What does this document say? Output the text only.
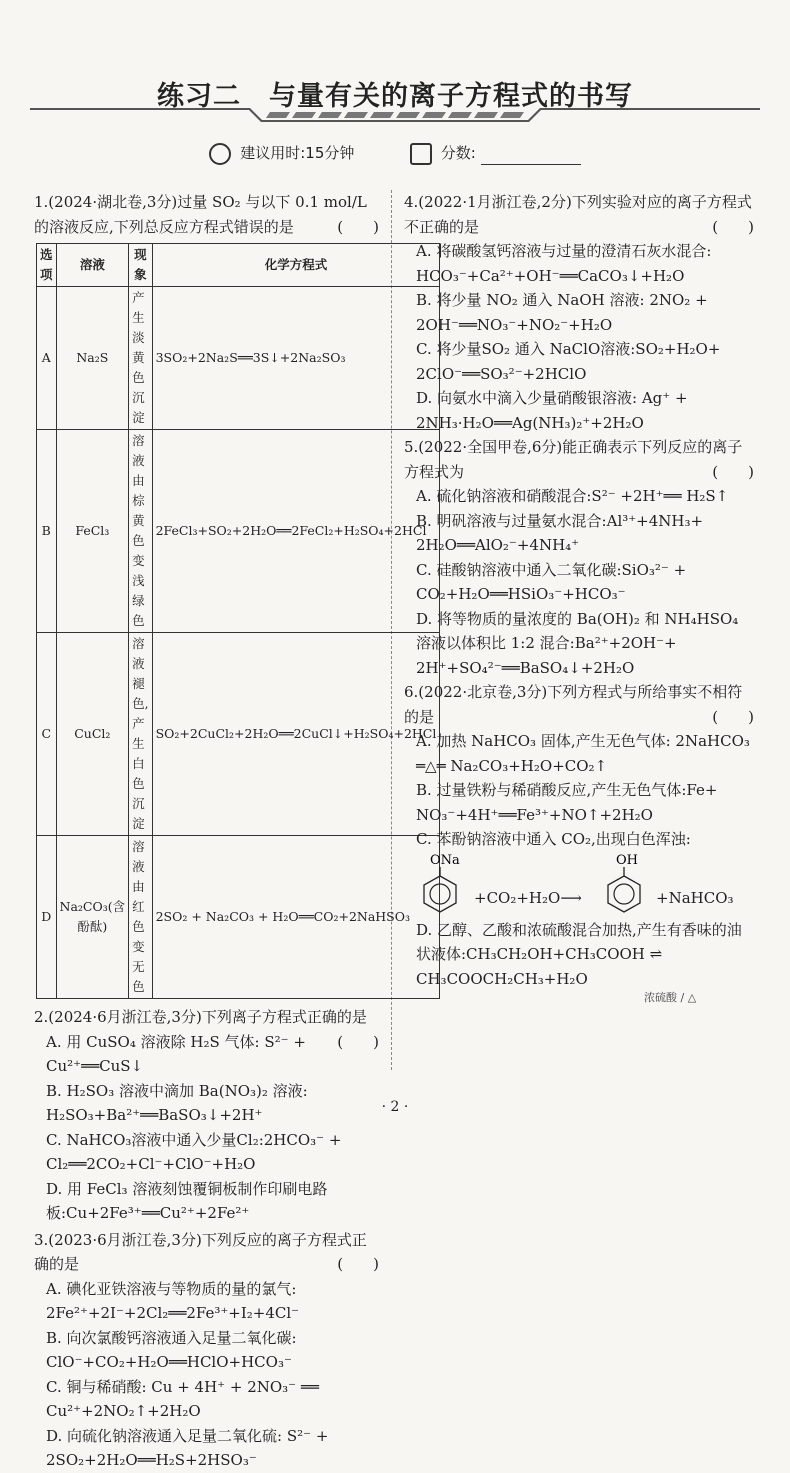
练习二　与量有关的离子方程式的书写
建议用时:15分钟	分数:
1.(2024·湖北卷,3分)过量 SO₂ 与以下 0.1 mol/L 的溶液反应,下列总反应方程式错误的是	(　　)
选项	溶液	现象	化学方程式
A	Na₂S	产生淡黄色沉淀	3SO₂+2Na₂S══3S↓+2Na₂SO₃
B	FeCl₃	溶液由棕黄色变浅绿色	2FeCl₃+SO₂+2H₂O══2FeCl₂+H₂SO₄+2HCl
C	CuCl₂	溶液褪色,产生白色沉淀	SO₂+2CuCl₂+2H₂O══2CuCl↓+H₂SO₄+2HCl
D	Na₂CO₃(含酚酞)	溶液由红色变无色	2SO₂ + Na₂CO₃ + H₂O══CO₂+2NaHSO₃
2.(2024·6月浙江卷,3分)下列离子方程式正确的是
(　　)
A. 用 CuSO₄ 溶液除 H₂S 气体: S²⁻ + Cu²⁺══CuS↓
B. H₂SO₃ 溶液中滴加 Ba(NO₃)₂ 溶液: H₂SO₃+Ba²⁺══BaSO₃↓+2H⁺
C. NaHCO₃溶液中通入少量Cl₂:2HCO₃⁻ + Cl₂══2CO₂+Cl⁻+ClO⁻+H₂O
D. 用 FeCl₃ 溶液刻蚀覆铜板制作印刷电路板:Cu+2Fe³⁺══Cu²⁺+2Fe²⁺
3.(2023·6月浙江卷,3分)下列反应的离子方程式正确的是	(　　)
A. 碘化亚铁溶液与等物质的量的氯气: 2Fe²⁺+2I⁻+2Cl₂══2Fe³⁺+I₂+4Cl⁻
B. 向次氯酸钙溶液通入足量二氧化碳: ClO⁻+CO₂+H₂O══HClO+HCO₃⁻
C. 铜与稀硝酸: Cu + 4H⁺ + 2NO₃⁻ ══ Cu²⁺+2NO₂↑+2H₂O
D. 向硫化钠溶液通入足量二氧化硫: S²⁻ + 2SO₂+2H₂O══H₂S+2HSO₃⁻
4.(2022·1月浙江卷,2分)下列实验对应的离子方程式不正确的是	(　　)
A. 将碳酸氢钙溶液与过量的澄清石灰水混合: HCO₃⁻+Ca²⁺+OH⁻══CaCO₃↓+H₂O
B. 将少量 NO₂ 通入 NaOH 溶液: 2NO₂ + 2OH⁻══NO₃⁻+NO₂⁻+H₂O
C. 将少量SO₂ 通入 NaClO溶液:SO₂+H₂O+ 2ClO⁻══SO₃²⁻+2HClO
D. 向氨水中滴入少量硝酸银溶液: Ag⁺ + 2NH₃·H₂O══Ag(NH₃)₂⁺+2H₂O
5.(2022·全国甲卷,6分)能正确表示下列反应的离子方程式为	(　　)
A. 硫化钠溶液和硝酸混合:S²⁻ +2H⁺══ H₂S↑
B. 明矾溶液与过量氨水混合:Al³⁺+4NH₃+ 2H₂O══AlO₂⁻+4NH₄⁺
C. 硅酸钠溶液中通入二氧化碳:SiO₃²⁻ + CO₂+H₂O══HSiO₃⁻+HCO₃⁻
D. 将等物质的量浓度的 Ba(OH)₂ 和 NH₄HSO₄ 溶液以体积比 1:2 混合:Ba²⁺+2OH⁻+ 2H⁺+SO₄²⁻══BaSO₄↓+2H₂O
6.(2022·北京卷,3分)下列方程式与所给事实不相符的是	(　　)
A. 加热 NaHCO₃ 固体,产生无色气体: 2NaHCO₃ ═△═ Na₂CO₃+H₂O+CO₂↑
B. 过量铁粉与稀硝酸反应,产生无色气体:Fe+ NO₃⁻+4H⁺══Fe³⁺+NO↑+2H₂O
C. 苯酚钠溶液中通入 CO₂,出现白色浑浊:
ONa
+CO₂+H₂O⟶
OH
+NaHCO₃
D. 乙醇、乙酸和浓硫酸混合加热,产生有香味的油状液体:CH₃CH₂OH+CH₃COOH ⇌ CH₃COOCH₂CH₃+H₂O
浓硫酸 / △
· 2 ·
